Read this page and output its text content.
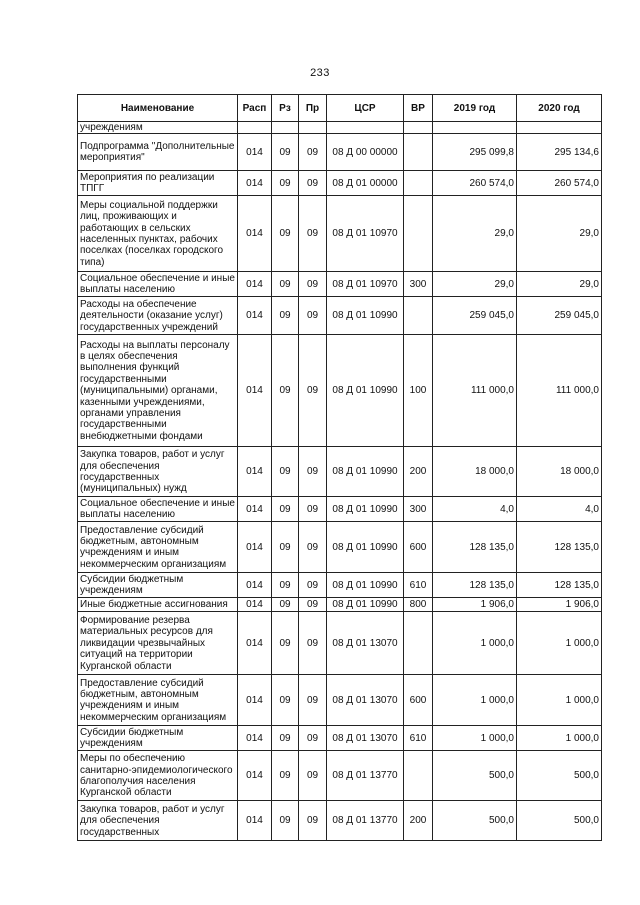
233
Наименование	Расп	Рз	Пр	ЦСР	ВР	2019 год	2020 год
учреждениям							
Подпрограмма "Дополнительные мероприятия"	014	09	09	08 Д 00 00000		295 099,8	295 134,6
Мероприятия по реализации ТПГГ	014	09	09	08 Д 01 00000		260 574,0	260 574,0
Меры социальной поддержки лиц, проживающих и работающих в сельских населенных пунктах, рабочих поселках (поселках городского типа)	014	09	09	08 Д 01 10970		29,0	29,0
Социальное обеспечение и иные выплаты населению	014	09	09	08 Д 01 10970	300	29,0	29,0
Расходы на обеспечение деятельности (оказание услуг) государственных учреждений	014	09	09	08 Д 01 10990		259 045,0	259 045,0
Расходы на выплаты персоналу в целях обеспечения выполнения функций государственными (муниципальными) органами, казенными учреждениями, органами управления государственными внебюджетными фондами	014	09	09	08 Д 01 10990	100	111 000,0	111 000,0
Закупка товаров, работ и услуг для обеспечения государственных (муниципальных) нужд	014	09	09	08 Д 01 10990	200	18 000,0	18 000,0
Социальное обеспечение и иные выплаты населению	014	09	09	08 Д 01 10990	300	4,0	4,0
Предоставление субсидий бюджетным, автономным учреждениям и иным некоммерческим организациям	014	09	09	08 Д 01 10990	600	128 135,0	128 135,0
Субсидии бюджетным учреждениям	014	09	09	08 Д 01 10990	610	128 135,0	128 135,0
Иные бюджетные ассигнования	014	09	09	08 Д 01 10990	800	1 906,0	1 906,0
Формирование резерва материальных ресурсов для ликвидации чрезвычайных ситуаций на территории Курганской области	014	09	09	08 Д 01 13070		1 000,0	1 000,0
Предоставление субсидий бюджетным, автономным учреждениям и иным некоммерческим организациям	014	09	09	08 Д 01 13070	600	1 000,0	1 000,0
Субсидии бюджетным учреждениям	014	09	09	08 Д 01 13070	610	1 000,0	1 000,0
Меры по обеспечению санитарно-эпидемиологического благополучия населения Курганской области	014	09	09	08 Д 01 13770		500,0	500,0
Закупка товаров, работ и услуг для обеспечения государственных	014	09	09	08 Д 01 13770	200	500,0	500,0
